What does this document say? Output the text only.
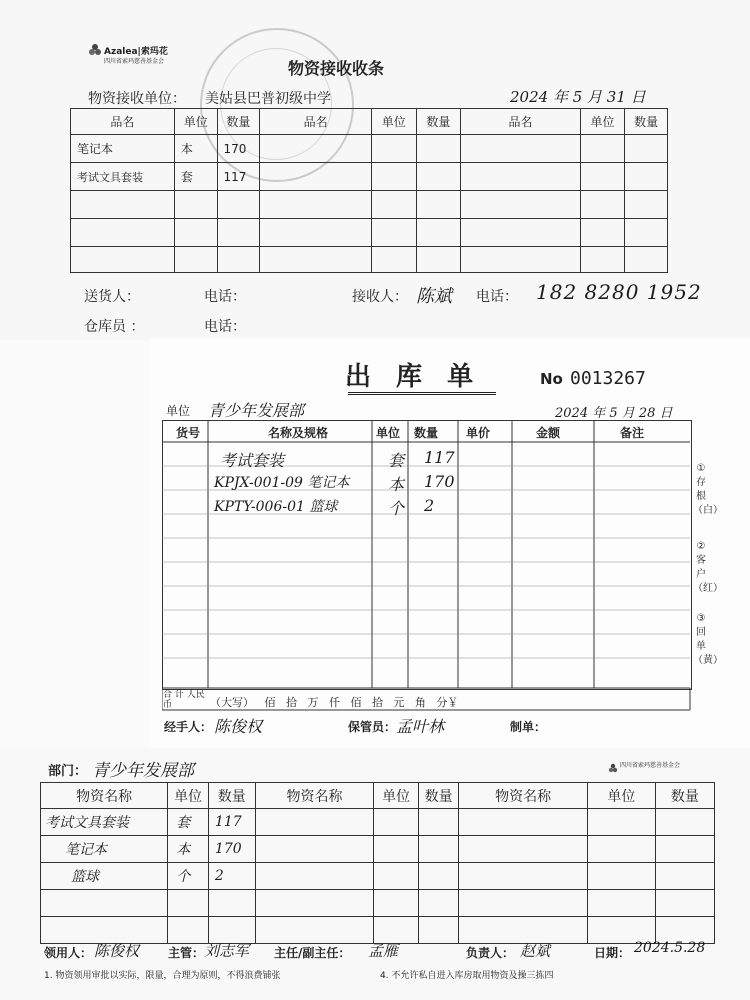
Azalea|索玛花
四川省索玛慈善基金会	物资接收收条
物资接收单位： 美姑县巴普初级中学	2024 年 5 月 31 日
品名	单位	数量	品名	单位	数量	品名	单位	数量
笔记本	本	170						
考试文具套装	套	117						

送货人：	电话：	接收人： 陈斌 电话： 182 8280 1952
仓库员 ：	电话：
出 库 单	No 0013267
单位 青少年发展部	2024 年 5 月 28 日
货号	名称及规格	单位 数量 单价	金额	备注
考试套装	套 117
KPJX-001-09 笔记本 本 170
KPTY-006-01 篮球	个 2
合 计 人民币	（大写）   佰   拾   万   仟   佰   拾   元   角   分￥
经手人： 陈俊权	保管员： 孟叶林	制单：
①存根（白）
②客户（红）
③回单（黄）
部门： 青少年发展部	四川省索玛慈善基金会
物资名称	单位	数量	物资名称	单位	数量	物资名称	单位	数量
考试文具套装	套	117						
笔记本	本	170						
篮球	个	2						

领用人： 陈俊权 主管： 刘志军 主任/副主任： 孟雁	负责人： 赵斌	日期： 2024.5.28
1. 物资领用审批以实际，限量，合理为原则，不得浪费铺张	4. 不允许私自进入库房取用物资及操三拣四
